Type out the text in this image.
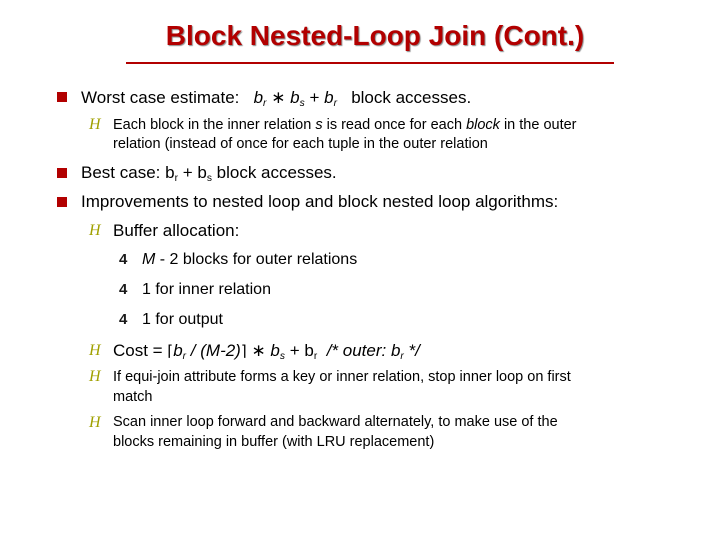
Block Nested-Loop Join (Cont.)
Worst case estimate: $b_r$ ∗ $b_s + b_r$ block accesses.
H Each block in the inner relation s is read once for each block in the outer
relation (instead of once for each tuple in the outer relation
Best case: $b_r + b_s$ block accesses.
Improvements to nested loop and block nested loop algorithms:
H Buffer allocation:
4 M - 2 blocks for outer relations
4 1 for inner relation
4 1 for output
H Cost = $⌈b_r$ / (M-2)⌉ ∗ $b_s + b_r$ /* outer: $b_r$ */
H If equi-join attribute forms a key or inner relation, stop inner loop on first
match
H Scan inner loop forward and backward alternately, to make use of the
blocks remaining in buffer (with LRU replacement)
